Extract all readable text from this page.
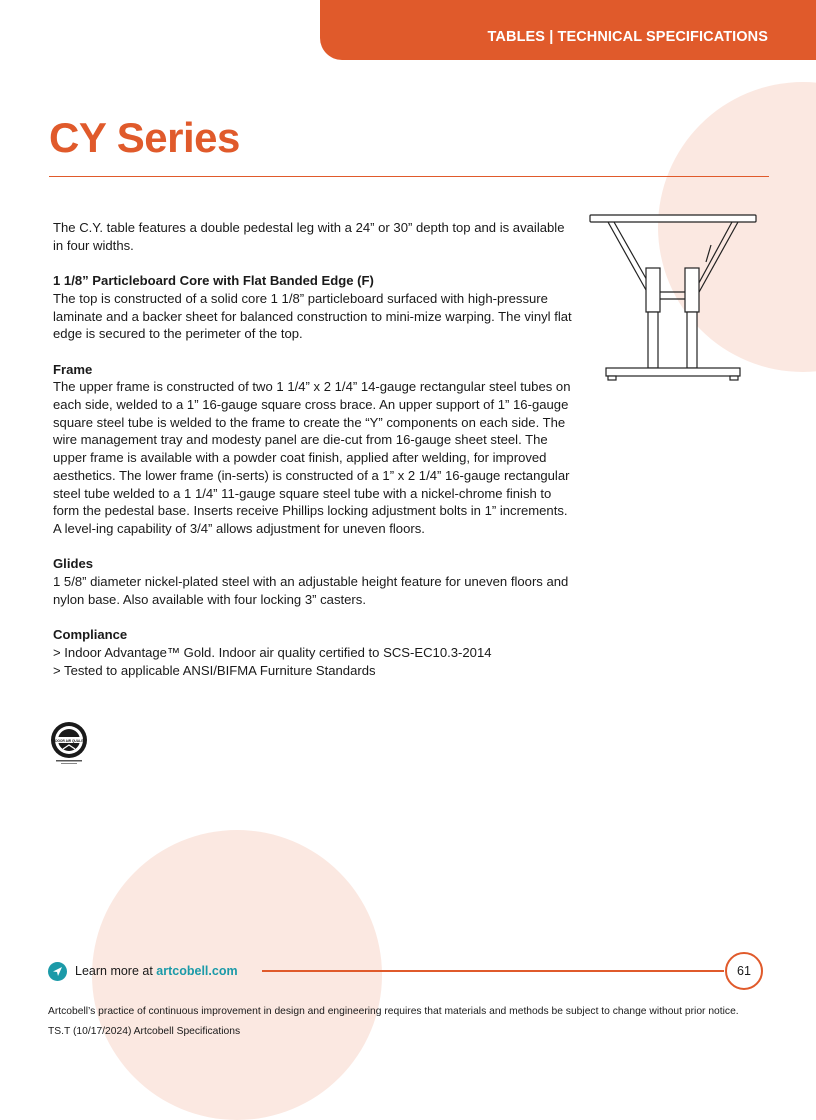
TABLES | TECHNICAL SPECIFICATIONS
CY Series

The C.Y. table features a double pedestal leg with a 24” or 30” depth top and is available in four widths.

1 1/8” Particleboard Core with Flat Banded Edge (F)
The top is constructed of a solid core 1 1/8” particleboard surfaced with high-pressure laminate and a backer sheet for balanced construction to mini-mize warping. The vinyl flat edge is secured to the perimeter of the top.

Frame
The upper frame is constructed of two 1 1/4” x 2 1/4” 14-gauge rectangular steel tubes on each side, welded to a 1” 16-gauge square cross brace. An upper support of 1” 16-gauge square steel tube is welded to the frame to create the “Y” components on each side. The wire management tray and modesty panel are die-cut from 16-gauge sheet steel. The upper frame is available with a powder coat finish, applied after welding, for improved aesthetics. The lower frame (in-serts) is constructed of a 1” x 2 1/4” 16-gauge rectangular steel tube welded to a 1 1/4” 11-gauge square steel tube with a nickel-chrome finish to form the pedestal base. Inserts receive Phillips locking adjustment bolts in 1” increments. A level-ing capability of 3/4” allows adjustment for uneven floors.

Glides
1 5/8” diameter nickel-plated steel with an adjustable height feature for uneven floors and nylon base. Also available with four locking 3” casters.

Compliance
> Indoor Advantage™ Gold. Indoor air quality certified to SCS-EC10.3-2014
> Tested to applicable ANSI/BIFMA Furniture Standards

INDOOR AIR QUALITY
Learn more at artcobell.com	61
Artcobell’s practice of continuous improvement in design and engineering requires that materials and methods be subject to change without prior notice.
TS.T (10/17/2024) Artcobell Specifications
